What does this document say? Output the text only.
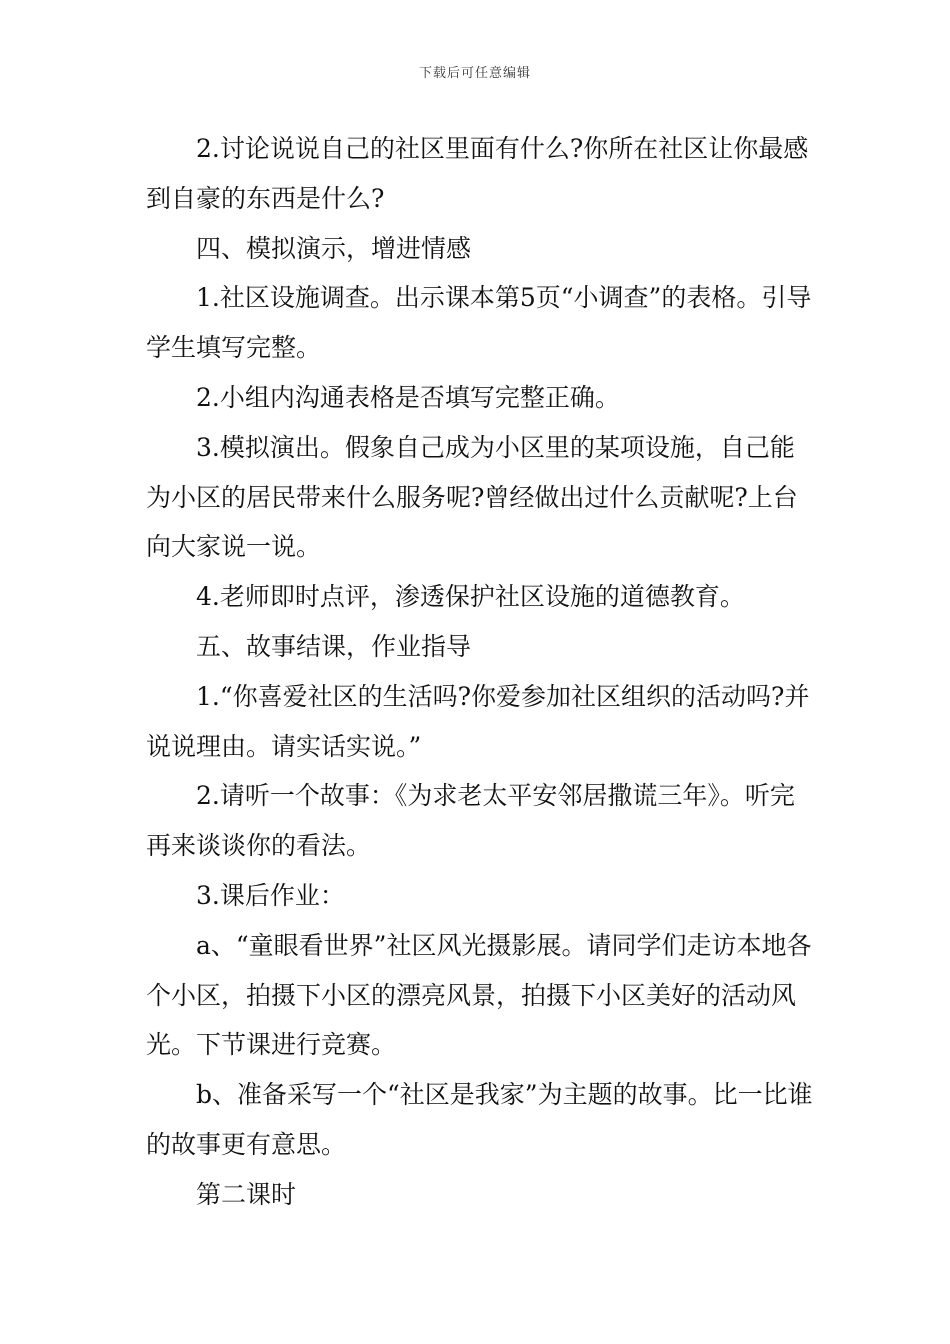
下载后可任意编辑

2.讨论说说自己的社区里面有什么?你所在社区让你最感到自豪的东西是什么?

四、模拟演示，增进情感

1.社区设施调查。出示课本第5页“小调查”的表格。引导学生填写完整。

2.小组内沟通表格是否填写完整正确。

3.模拟演出。假象自己成为小区里的某项设施，自己能为小区的居民带来什么服务呢?曾经做出过什么贡献呢?上台向大家说一说。

4.老师即时点评，渗透保护社区设施的道德教育。

五、故事结课，作业指导

1.“你喜爱社区的生活吗?你爱参加社区组织的活动吗?并说说理由。请实话实说。”

2.请听一个故事：《为求老太平安邻居撒谎三年》。听完再来谈谈你的看法。

3.课后作业：

a、“童眼看世界”社区风光摄影展。请同学们走访本地各个小区，拍摄下小区的漂亮风景，拍摄下小区美好的活动风光。下节课进行竞赛。

b、准备采写一个“社区是我家”为主题的故事。比一比谁的故事更有意思。

第二课时
